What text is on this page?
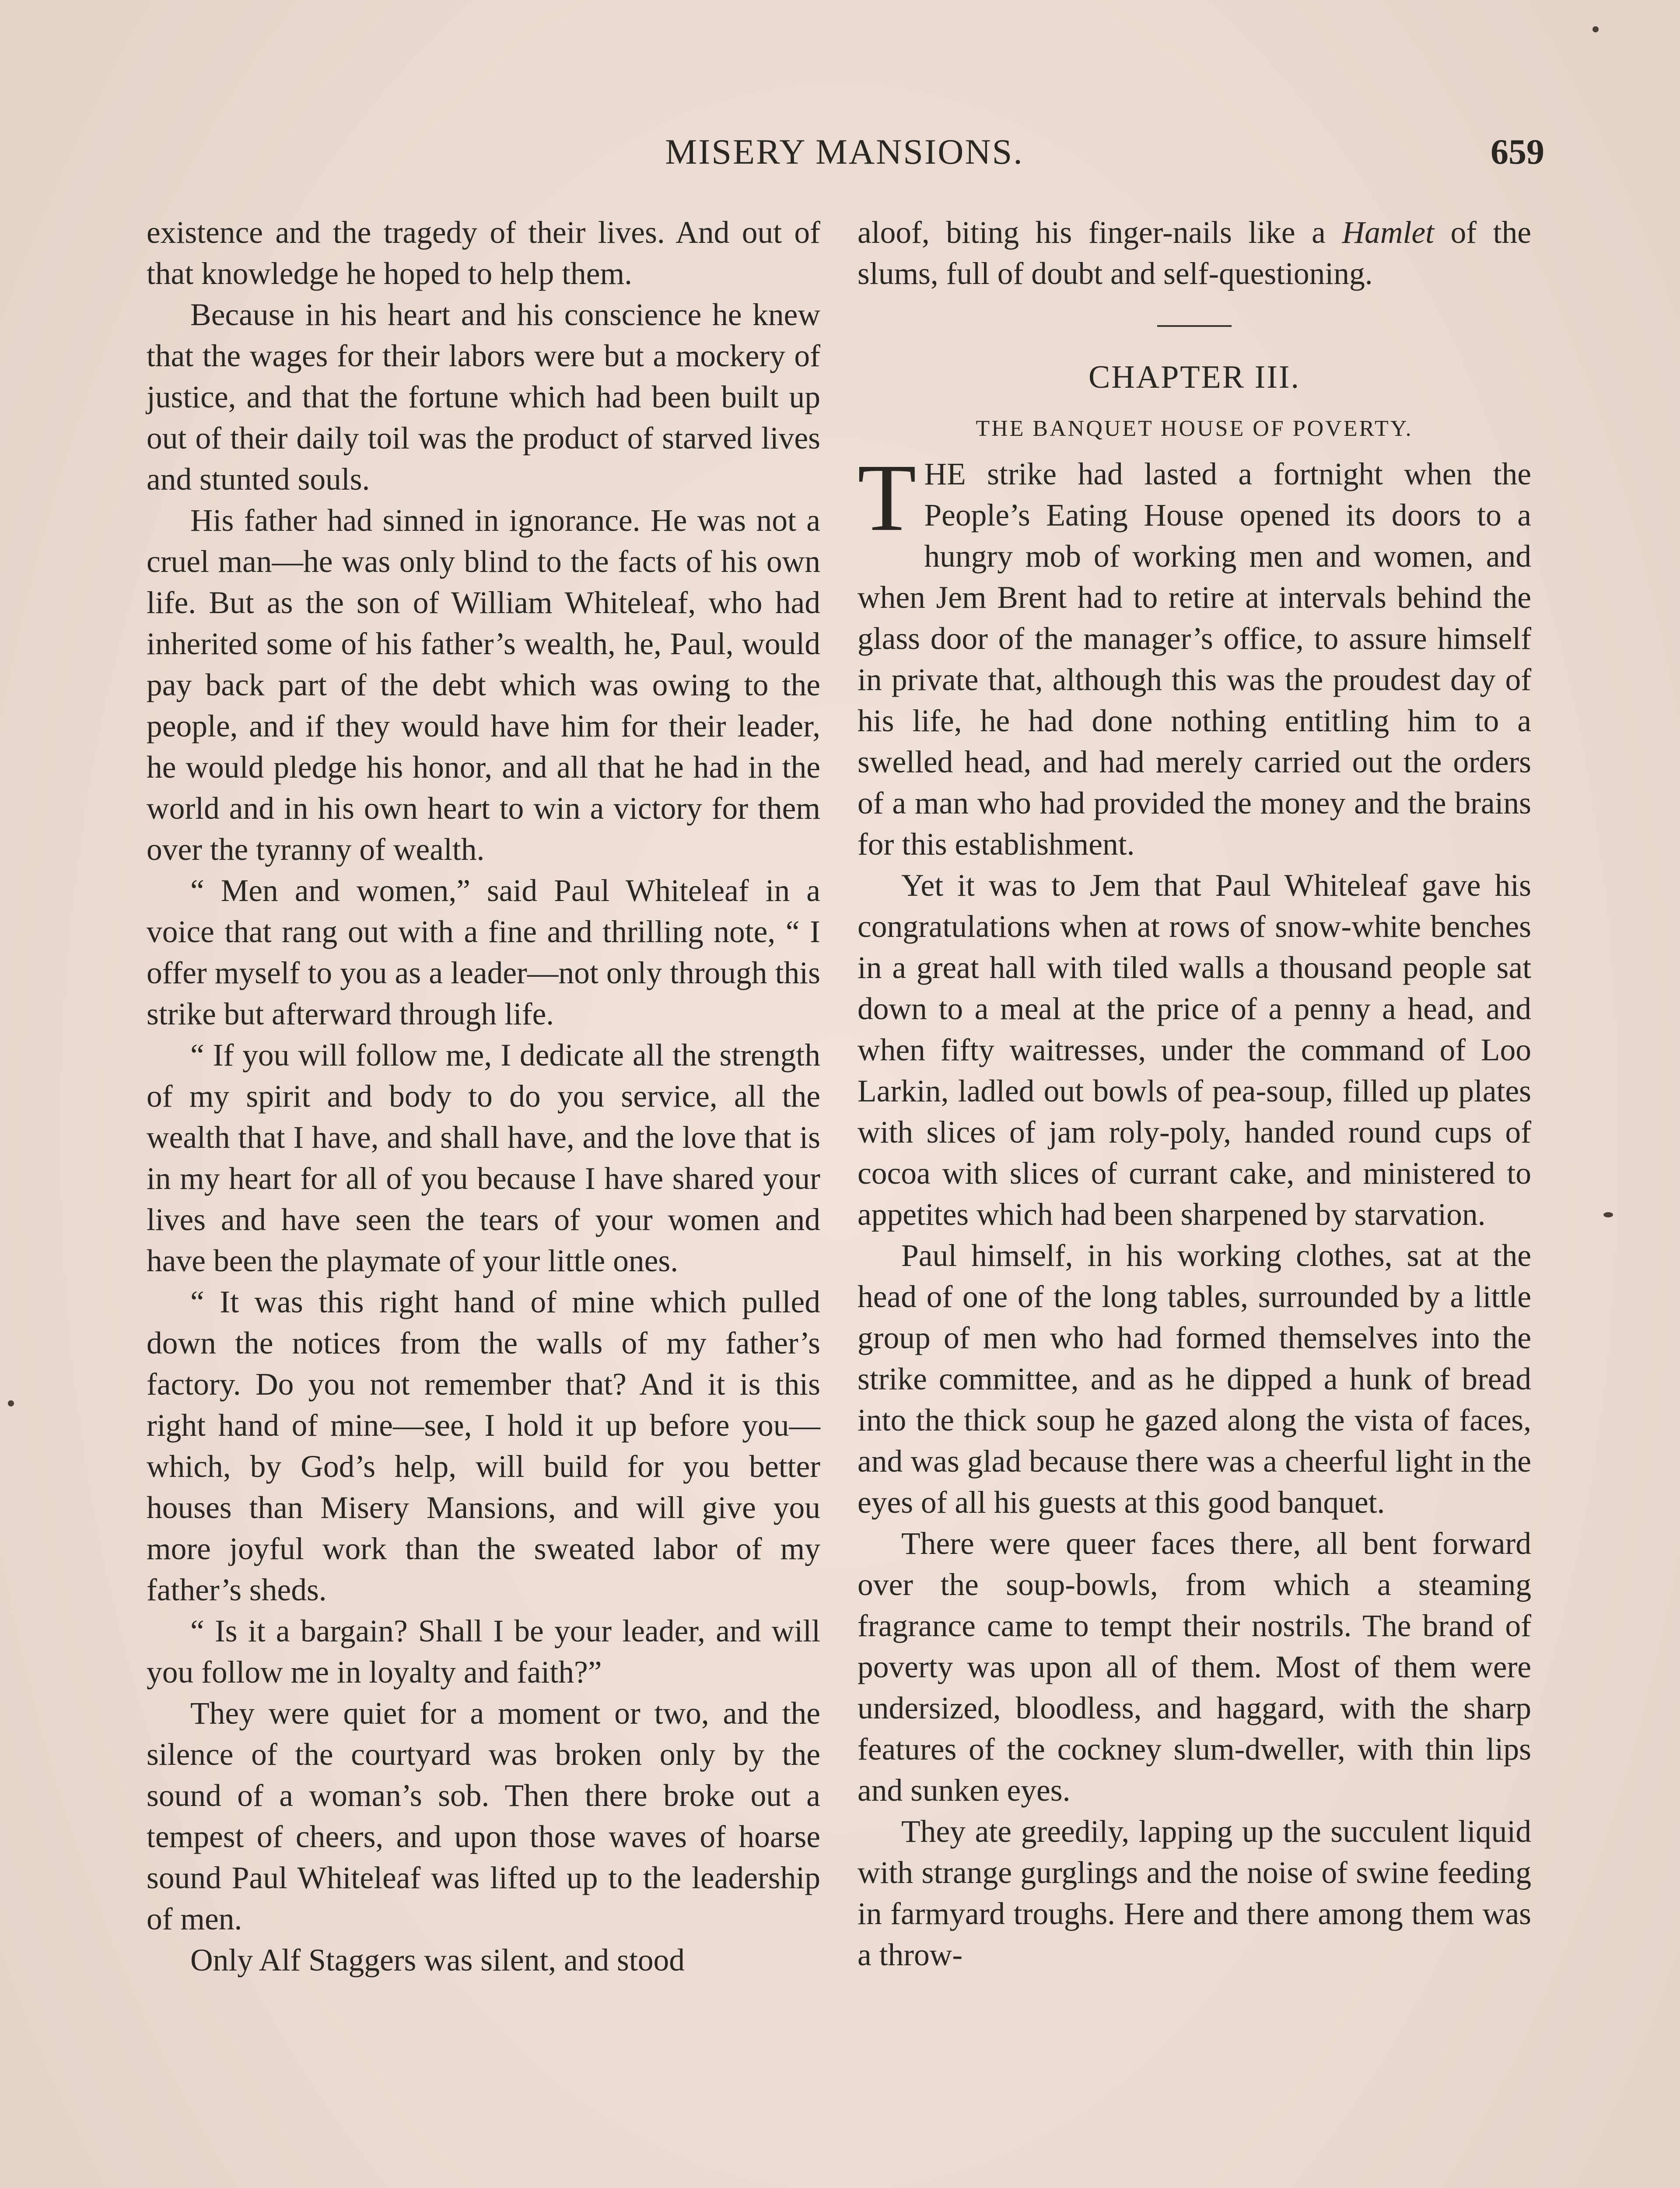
MISERY MANSIONS.	659

existence and the tragedy of their lives. And out of that knowledge he hoped to help them.

Because in his heart and his conscience he knew that the wages for their labors were but a mockery of justice, and that the fortune which had been built up out of their daily toil was the product of starved lives and stunted souls.

His father had sinned in ignorance. He was not a cruel man—he was only blind to the facts of his own life. But as the son of William Whiteleaf, who had inherited some of his father’s wealth, he, Paul, would pay back part of the debt which was owing to the people, and if they would have him for their leader, he would pledge his honor, and all that he had in the world and in his own heart to win a victory for them over the tyranny of wealth.

“ Men and women,” said Paul Whiteleaf in a voice that rang out with a fine and thrilling note, “ I offer myself to you as a leader—not only through this strike but afterward through life.

“ If you will follow me, I dedicate all the strength of my spirit and body to do you service, all the wealth that I have, and shall have, and the love that is in my heart for all of you because I have shared your lives and have seen the tears of your women and have been the playmate of your little ones.

“ It was this right hand of mine which pulled down the notices from the walls of my father’s factory. Do you not remember that? And it is this right hand of mine—see, I hold it up before you—which, by God’s help, will build for you better houses than Misery Mansions, and will give you more joyful work than the sweated labor of my father’s sheds.

“ Is it a bargain? Shall I be your leader, and will you follow me in loyalty and faith?”

They were quiet for a moment or two, and the silence of the courtyard was broken only by the sound of a woman’s sob. Then there broke out a tempest of cheers, and upon those waves of hoarse sound Paul Whiteleaf was lifted up to the leadership of men.

Only Alf Staggers was silent, and stood

aloof, biting his finger-nails like a Hamlet of the slums, full of doubt and self-questioning.

CHAPTER III.
THE BANQUET HOUSE OF POVERTY.

THE strike had lasted a fortnight when the People’s Eating House opened its doors to a hungry mob of working men and women, and when Jem Brent had to retire at intervals behind the glass door of the manager’s office, to assure himself in private that, although this was the proudest day of his life, he had done nothing entitling him to a swelled head, and had merely carried out the orders of a man who had provided the money and the brains for this establishment.

Yet it was to Jem that Paul Whiteleaf gave his congratulations when at rows of snow-white benches in a great hall with tiled walls a thousand people sat down to a meal at the price of a penny a head, and when fifty waitresses, under the command of Loo Larkin, ladled out bowls of pea-soup, filled up plates with slices of jam roly-poly, handed round cups of cocoa with slices of currant cake, and ministered to appetites which had been sharpened by starvation.

Paul himself, in his working clothes, sat at the head of one of the long tables, surrounded by a little group of men who had formed themselves into the strike committee, and as he dipped a hunk of bread into the thick soup he gazed along the vista of faces, and was glad because there was a cheerful light in the eyes of all his guests at this good banquet.

There were queer faces there, all bent forward over the soup-bowls, from which a steaming fragrance came to tempt their nostrils. The brand of poverty was upon all of them. Most of them were undersized, bloodless, and haggard, with the sharp features of the cockney slum-dweller, with thin lips and sunken eyes.

They ate greedily, lapping up the succulent liquid with strange gurglings and the noise of swine feeding in farmyard troughs. Here and there among them was a throw-
